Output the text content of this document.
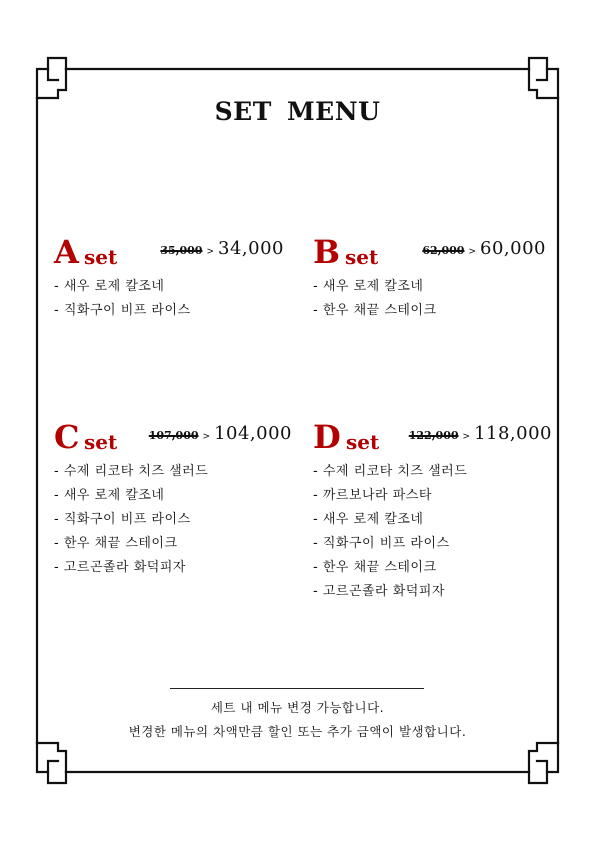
SET MENU
A set	35,000 > 34,000
- 새우 로제 칼조네
- 직화구이 비프 라이스
B set	62,000 > 60,000
- 새우 로제 칼조네
- 한우 채끝 스테이크
C set	107,000 > 104,000
- 수제 리코타 치즈 샐러드
- 새우 로제 칼조네
- 직화구이 비프 라이스
- 한우 채끝 스테이크
- 고르곤졸라 화덕피자
D set	122,000 > 118,000
- 수제 리코타 치즈 샐러드
- 까르보나라 파스타
- 새우 로제 칼조네
- 직화구이 비프 라이스
- 한우 채끝 스테이크
- 고르곤졸라 화덕피자
세트 내 메뉴 변경 가능합니다.
변경한 메뉴의 차액만큼 할인 또는 추가 금액이 발생합니다.
